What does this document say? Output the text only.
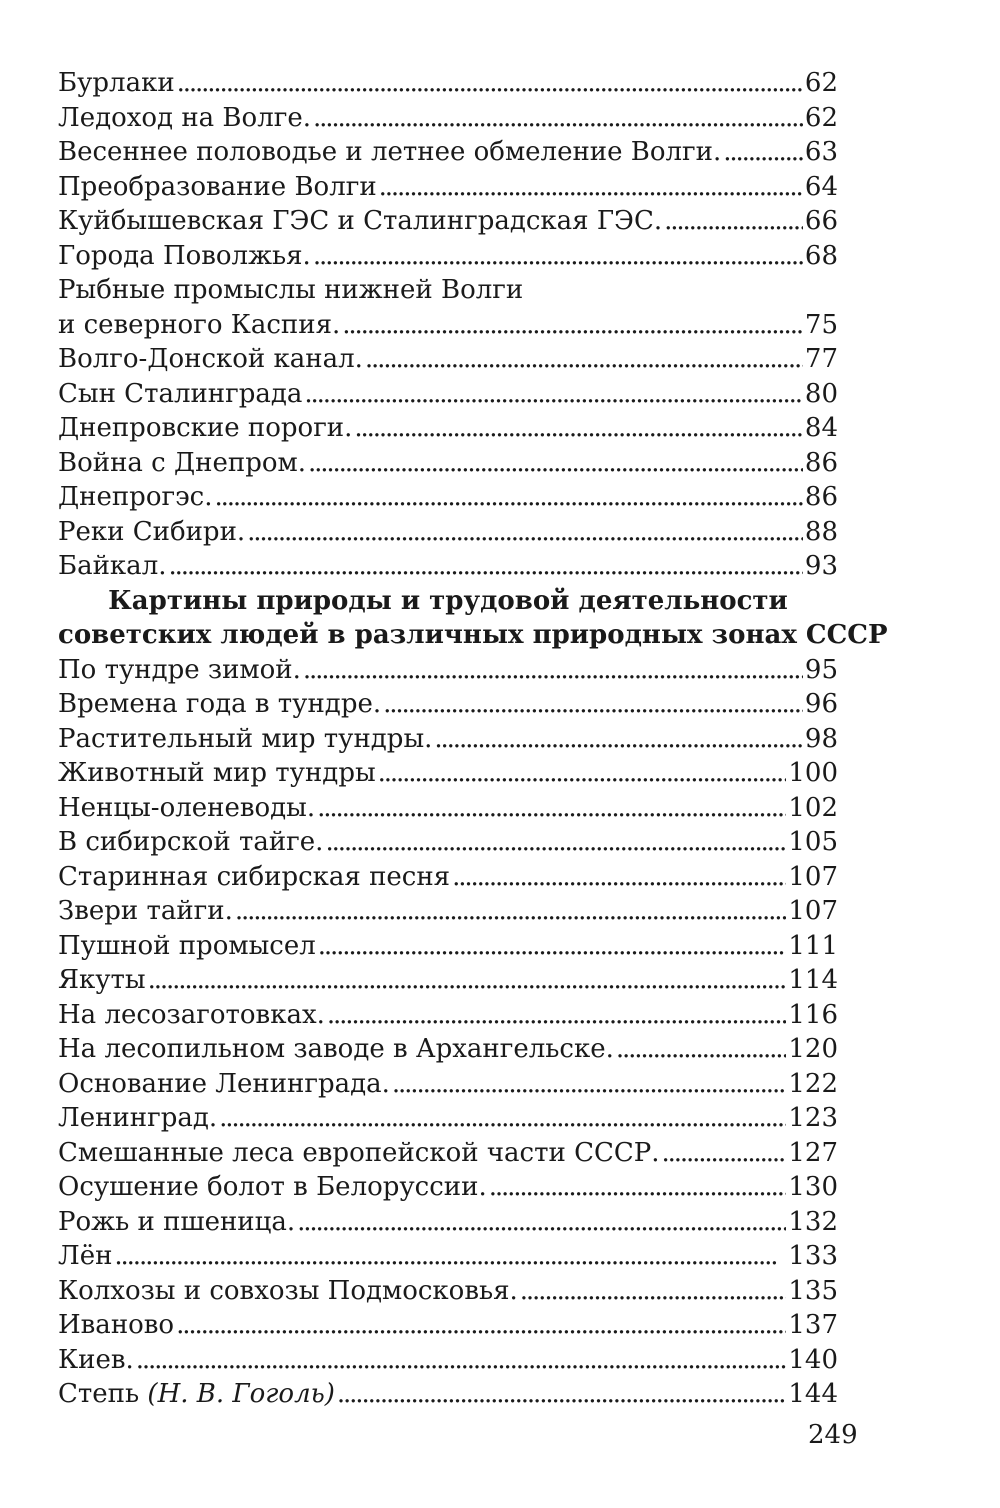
Бурлаки . . .	62
Ледоход на Волге. . . .	62
Весеннее половодье и летнее обмеление Волги. . . .	63
Преобразование Волги . . .	64
Куйбышевская ГЭС и Сталинградская ГЭС. . . .	66
Города Поволжья. . . .	68
Рыбные промыслы нижней Волги
и северного Каспия. . . .	75
Волго-Донской канал. . . .	77
Сын Сталинграда . . .	80
Днепровские пороги. . . .	84
Война с Днепром. . . .	86
Днепрогэс. . . .	86
Реки Сибири. . . .	88
Байкал. . . .	93
Картины природы и трудовой деятельности
советских людей в различных природных зонах СССР
По тундре зимой. . . .	95
Времена года в тундре. . . .	96
Растительный мир тундры. . . .	98
Животный мир тундры . . .	100
Ненцы-оленеводы. . . .	102
В сибирской тайге. . . .	105
Старинная сибирская песня . . .	107
Звери тайги. . . .	107
Пушной промысел . . .	111
Якуты . . .	114
На лесозаготовках. . . .	116
На лесопильном заводе в Архангельске. . . .	120
Основание Ленинграда. . . .	122
Ленинград. . . .	123
Смешанные леса европейской части СССР. . . .	127
Осушение болот в Белоруссии. . . .	130
Рожь и пшеница. . . .	132
Лён . . .	133
Колхозы и совхозы Подмосковья. . . .	135
Иваново . . .	137
Киев. . . .	140
Степь (Н. В. Гоголь) . . .	144
249
